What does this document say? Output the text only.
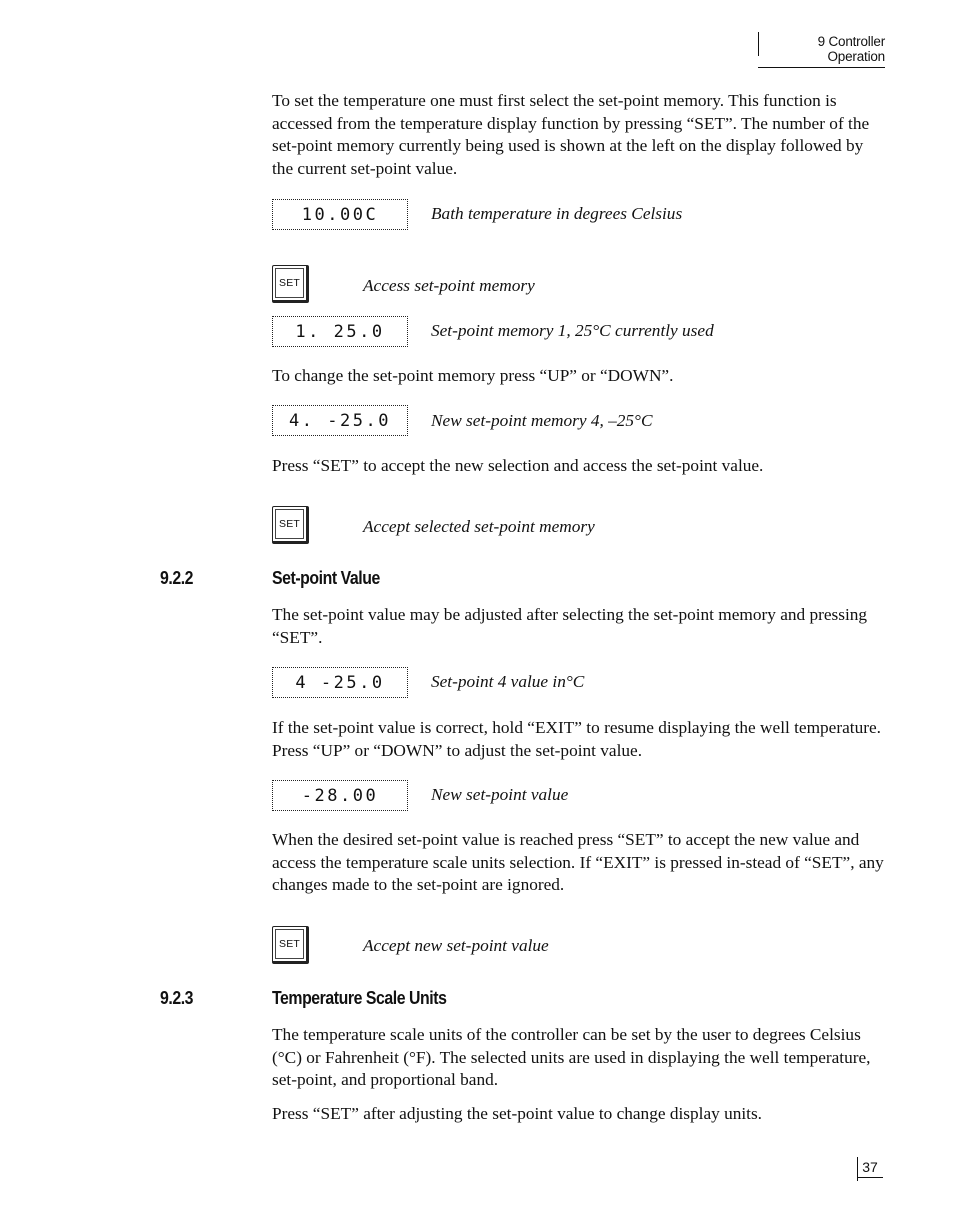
9 Controller Operation

To set the temperature one must first select the set-point memory. This function is accessed from the temperature display function by pressing “SET”. The number of the set-point memory currently being used is shown at the left on the display followed by the current set-point value.

10.00C	Bath temperature in degrees Celsius
SET	Access set-point memory
1. 25.0	Set-point memory 1, 25°C currently used

To change the set-point memory press “UP” or “DOWN”.

4. -25.0	New set-point memory 4, –25°C

Press “SET” to accept the new selection and access the set-point value.

SET	Accept selected set-point memory
9.2.2	Set-point Value

The set-point value may be adjusted after selecting the set-point memory and pressing “SET”.

4 -25.0	Set-point 4 value in°C

If the set-point value is correct, hold “EXIT” to resume displaying the well temperature. Press “UP” or “DOWN” to adjust the set-point value.

-28.00	New set-point value

When the desired set-point value is reached press “SET” to accept the new value and access the temperature scale units selection. If “EXIT” is pressed in-stead of “SET”, any changes made to the set-point are ignored.

SET	Accept new set-point value
9.2.3	Temperature Scale Units

The temperature scale units of the controller can be set by the user to degrees Celsius (°C) or Fahrenheit (°F). The selected units are used in displaying the well temperature, set-point, and proportional band.

Press “SET” after adjusting the set-point value to change display units.

37
